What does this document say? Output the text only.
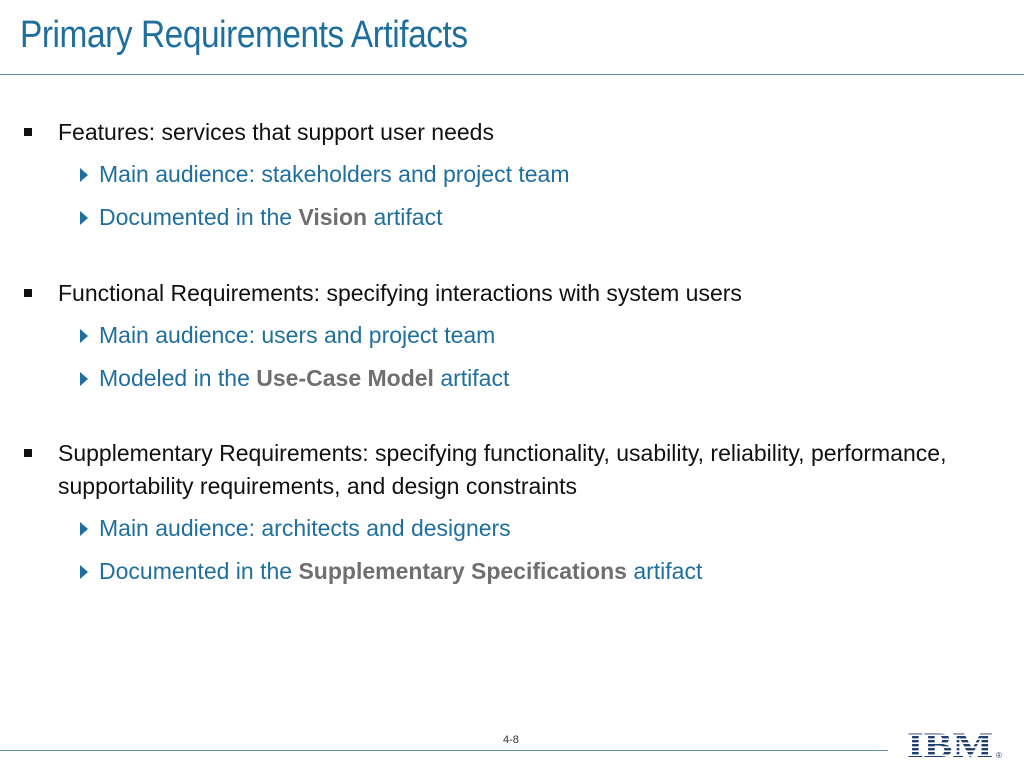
Primary Requirements Artifacts
Features: services that support user needs
Main audience: stakeholders and project team
Documented in the Vision artifact
Functional Requirements: specifying interactions with system users
Main audience: users and project team
Modeled in the Use-Case Model artifact
Supplementary Requirements: specifying functionality, usability, reliability, performance, supportability requirements, and design constraints
Main audience: architects and designers
Documented in the Supplementary Specifications artifact
4-8	IBM ®
